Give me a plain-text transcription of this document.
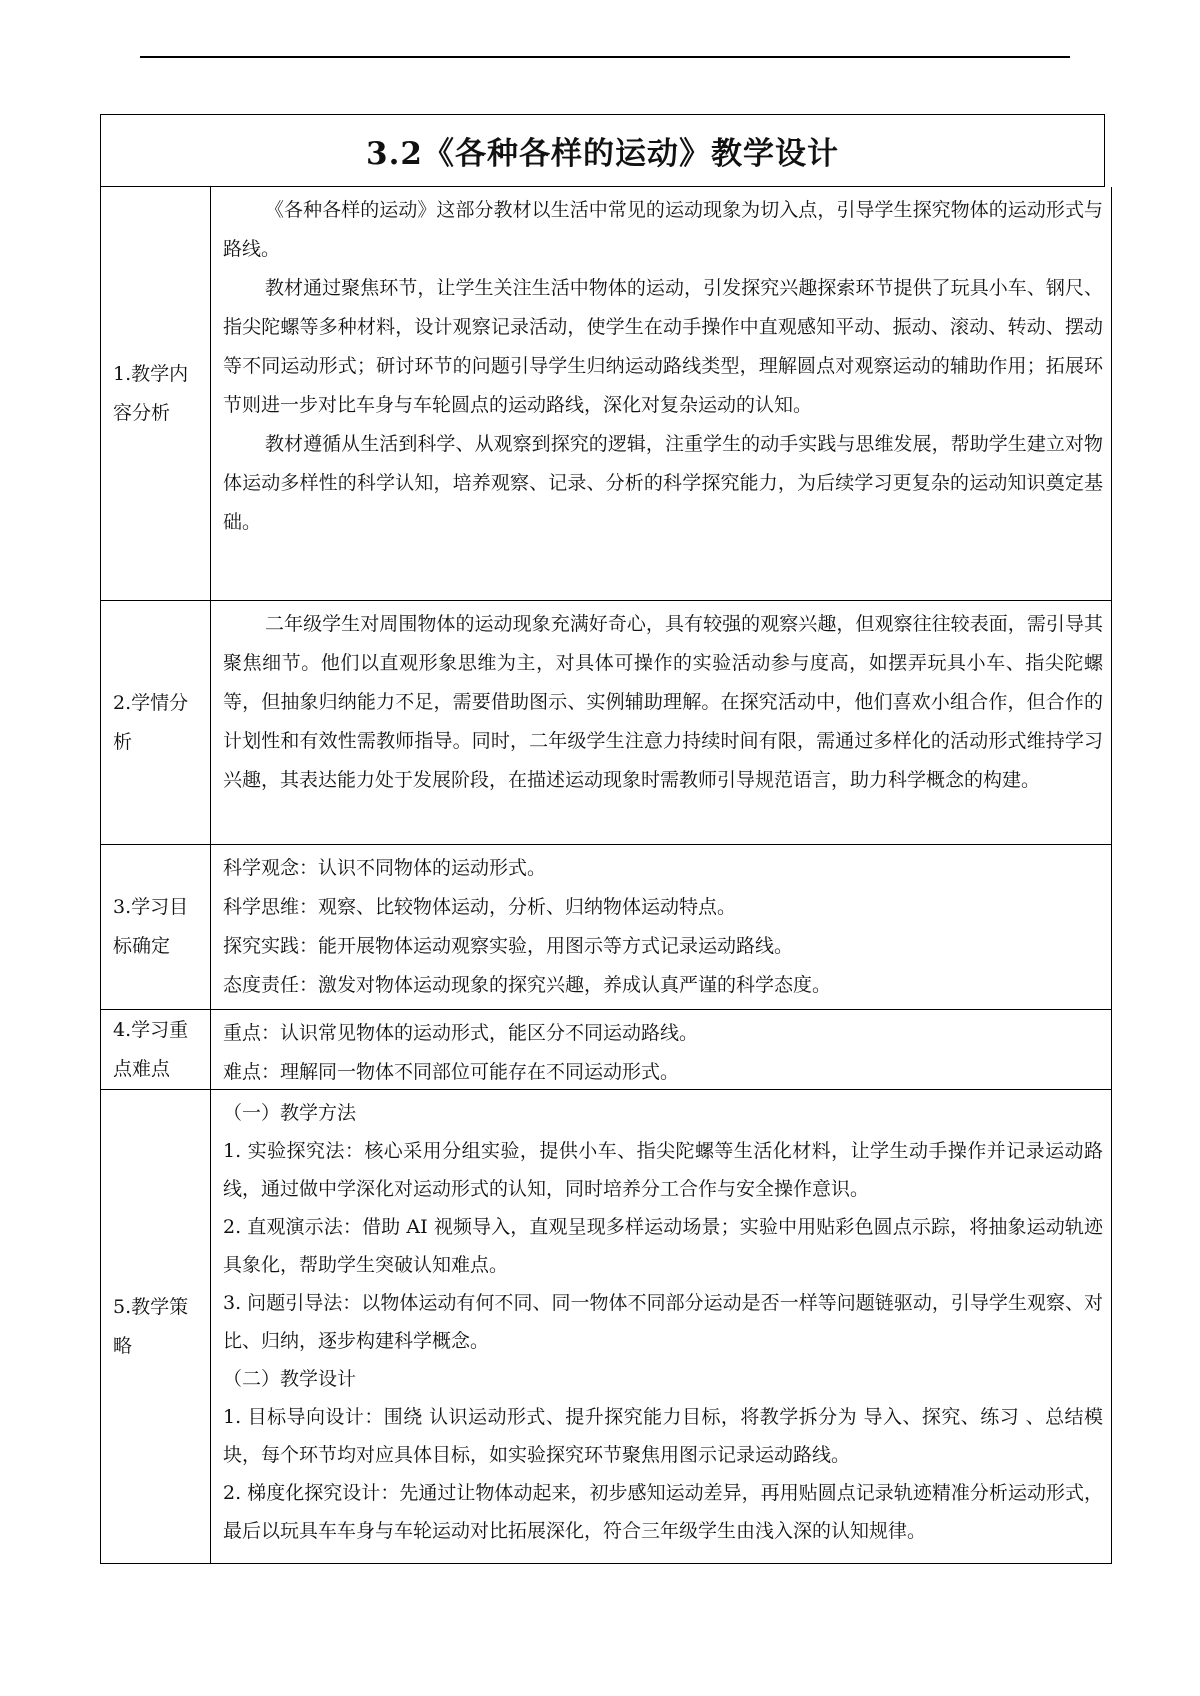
3.2《各种各样的运动》教学设计
1.教学内容分析

《各种各样的运动》这部分教材以生活中常见的运动现象为切入点，引导学生探究物体的运动形式与路线。

教材通过聚焦环节，让学生关注生活中物体的运动，引发探究兴趣探索环节提供了玩具小车、钢尺、指尖陀螺等多种材料，设计观察记录活动，使学生在动手操作中直观感知平动、振动、滚动、转动、摆动等不同运动形式；研讨环节的问题引导学生归纳运动路线类型，理解圆点对观察运动的辅助作用；拓展环节则进一步对比车身与车轮圆点的运动路线，深化对复杂运动的认知。

教材遵循从生活到科学、从观察到探究的逻辑，注重学生的动手实践与思维发展，帮助学生建立对物体运动多样性的科学认知，培养观察、记录、分析的科学探究能力，为后续学习更复杂的运动知识奠定基础。

2.学情分析

二年级学生对周围物体的运动现象充满好奇心，具有较强的观察兴趣，但观察往往较表面，需引导其聚焦细节。他们以直观形象思维为主，对具体可操作的实验活动参与度高，如摆弄玩具小车、指尖陀螺等，但抽象归纳能力不足，需要借助图示、实例辅助理解。在探究活动中，他们喜欢小组合作，但合作的计划性和有效性需教师指导。同时，二年级学生注意力持续时间有限，需通过多样化的活动形式维持学习兴趣，其表达能力处于发展阶段，在描述运动现象时需教师引导规范语言，助力科学概念的构建。

3.学习目标确定

科学观念：认识不同物体的运动形式。

科学思维：观察、比较物体运动，分析、归纳物体运动特点。

探究实践：能开展物体运动观察实验，用图示等方式记录运动路线。

态度责任：激发对物体运动现象的探究兴趣，养成认真严谨的科学态度。

4.学习重点难点

重点：认识常见物体的运动形式，能区分不同运动路线。

难点：理解同一物体不同部位可能存在不同运动形式。

5.教学策略

（一）教学方法

1. 实验探究法：核心采用分组实验，提供小车、指尖陀螺等生活化材料，让学生动手操作并记录运动路线，通过做中学深化对运动形式的认知，同时培养分工合作与安全操作意识。

2. 直观演示法：借助 AI 视频导入，直观呈现多样运动场景；实验中用贴彩色圆点示踪，将抽象运动轨迹具象化，帮助学生突破认知难点。

3. 问题引导法：以物体运动有何不同、同一物体不同部分运动是否一样等问题链驱动，引导学生观察、对比、归纳，逐步构建科学概念。

（二）教学设计

1. 目标导向设计：围绕 认识运动形式、提升探究能力目标，将教学拆分为 导入、探究、练习 、总结模块，每个环节均对应具体目标，如实验探究环节聚焦用图示记录运动路线。

2. 梯度化探究设计：先通过让物体动起来，初步感知运动差异，再用贴圆点记录轨迹精准分析运动形式，最后以玩具车车身与车轮运动对比拓展深化，符合三年级学生由浅入深的认知规律。
